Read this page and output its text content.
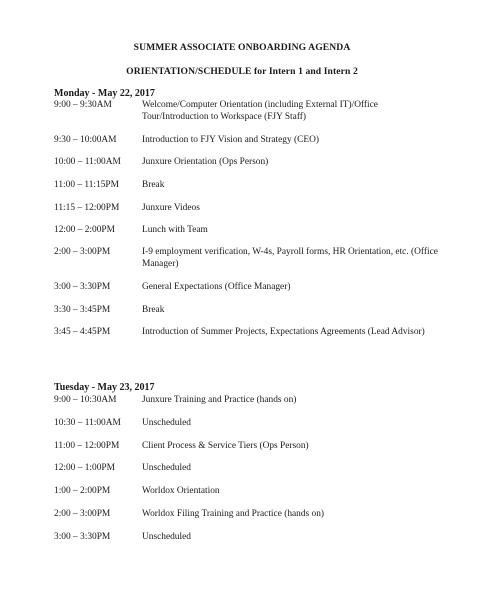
SUMMER ASSOCIATE ONBOARDING AGENDA
ORIENTATION/SCHEDULE for Intern 1 and Intern 2
Monday - May 22, 2017
9:00 – 9:30AM	Welcome/Computer Orientation (including External IT)/Office Tour/Introduction to Workspace (FJY Staff)
9:30 – 10:00AM	Introduction to FJY Vision and Strategy (CEO)
10:00 – 11:00AM	Junxure Orientation (Ops Person)
11:00 – 11:15PM	Break
11:15 – 12:00PM	Junxure Videos
12:00 – 2:00PM	Lunch with Team
2:00 – 3:00PM	I-9 employment verification, W-4s, Payroll forms, HR Orientation, etc. (Office Manager)
3:00 – 3:30PM	General Expectations (Office Manager)
3:30 – 3:45PM	Break
3:45 – 4:45PM	Introduction of Summer Projects, Expectations Agreements (Lead Advisor)
Tuesday - May 23, 2017
9:00 – 10:30AM	Junxure Training and Practice (hands on)
10:30 – 11:00AM	Unscheduled
11:00 – 12:00PM	Client Process & Service Tiers (Ops Person)
12:00 – 1:00PM	Unscheduled
1:00 – 2:00PM	Worldox Orientation
2:00 – 3:00PM	Worldox Filing Training and Practice (hands on)
3:00 – 3:30PM	Unscheduled
